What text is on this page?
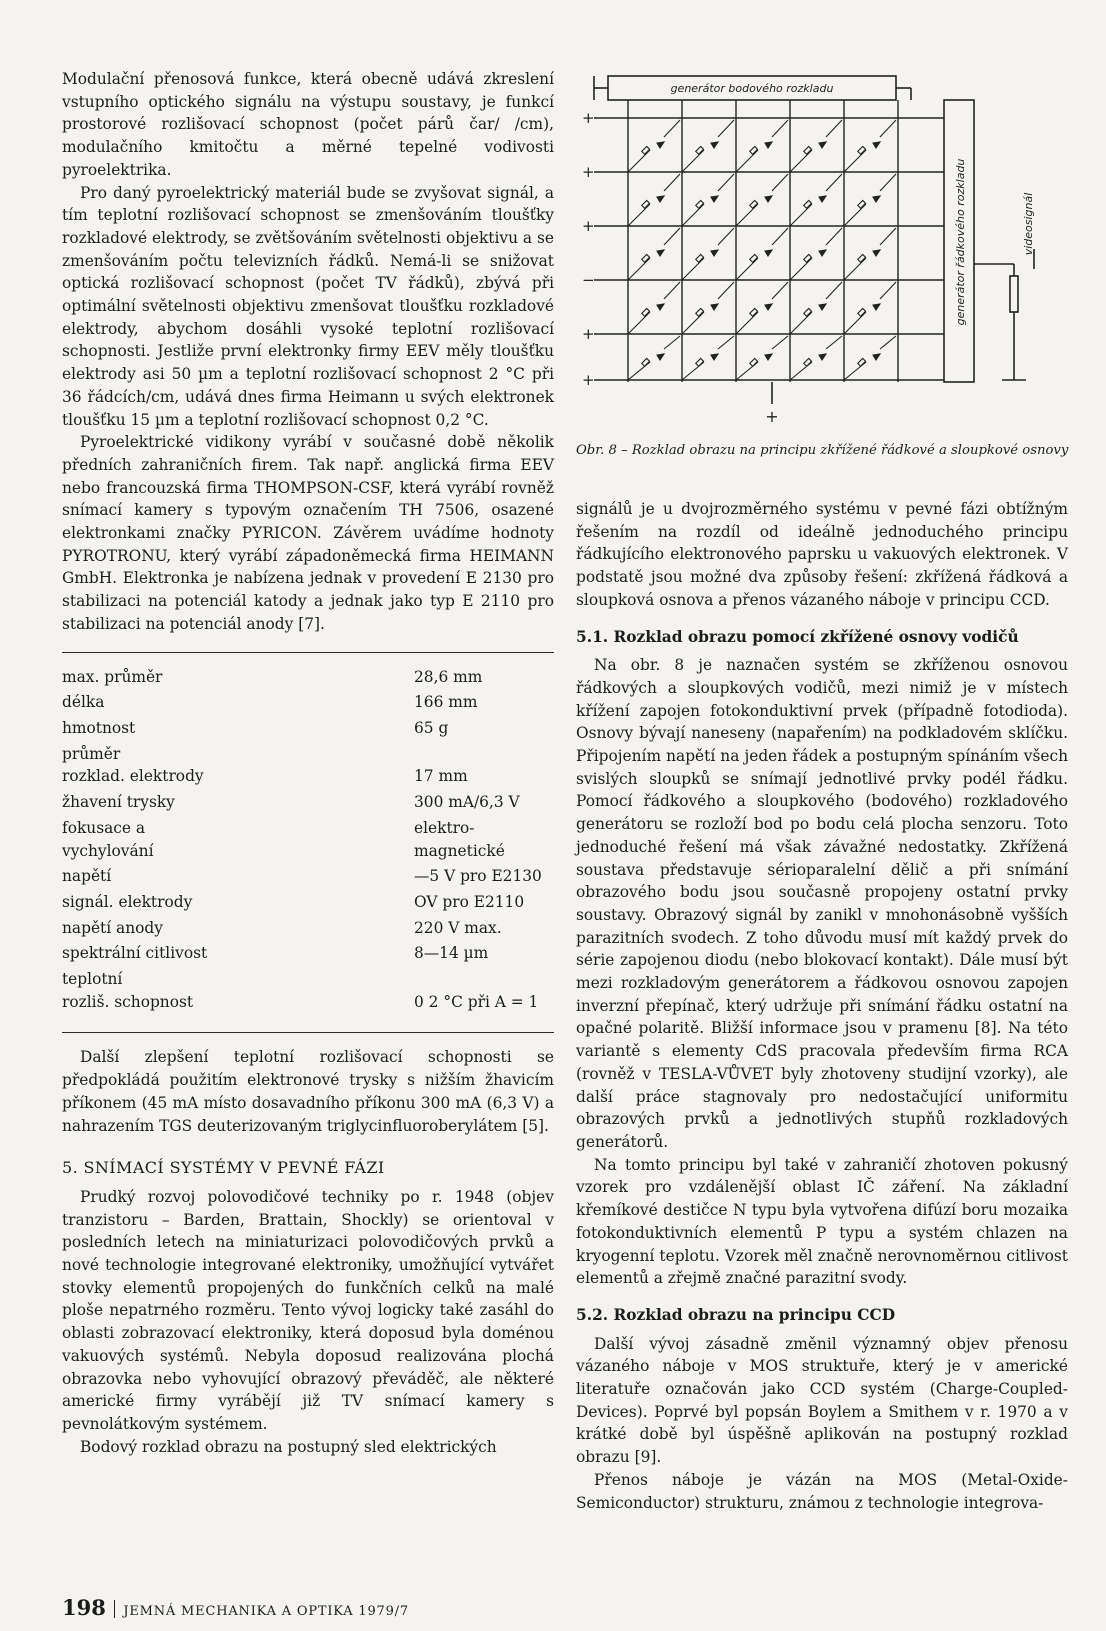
Modulační přenosová funkce, která obecně udává zkreslení vstupního optického signálu na výstupu soustavy, je funkcí prostorové rozlišovací schopnost (počet párů čar/ /cm), modulačního kmitočtu a měrné tepelné vodivosti pyroelektrika.

Pro daný pyroelektrický materiál bude se zvyšovat signál, a tím teplotní rozlišovací schopnost se zmenšováním tloušťky rozkladové elektrody, se zvětšováním světelnosti objektivu a se zmenšováním počtu televizních řádků. Nemá-li se snižovat optická rozlišovací schopnost (počet TV řádků), zbývá při optimální světelnosti objektivu zmenšovat tloušťku rozkladové elektrody, abychom dosáhli vysoké teplotní rozlišovací schopnosti. Jestliže první elektronky firmy EEV měly tloušťku elektrody asi 50 µm a teplotní rozlišovací schopnost 2 °C při 36 řádcích/cm, udává dnes firma Heimann u svých elektronek tloušťku 15 µm a teplotní rozlišovací schopnost 0,2 °C.

Pyroelektrické vidikony vyrábí v současné době několik předních zahraničních firem. Tak např. anglická firma EEV nebo francouzská firma THOMPSON-CSF, která vyrábí rovněž snímací kamery s typovým označením TH 7506, osazené elektronkami značky PYRICON. Závěrem uvádíme hodnoty PYROTRONU, který vyrábí západoněmecká firma HEIMANN GmbH. Elektronka je nabízena jednak v provedení E 2130 pro stabilizaci na potenciál katody a jednak jako typ E 2110 pro stabilizaci na potenciál anody [7].

max. průměr	28,6 mm
délka	166 mm
hmotnost	65 g
průměr
rozklad. elektrody	17 mm
žhavení trysky	300 mA/6,3 V
fokusace a
vychylování	elektro-
magnetické
napětí	—5 V pro E2130
signál. elektrody	OV pro E2110
napětí anody	220 V max.
spektrální citlivost	8—14 µm
teplotní
rozliš. schopnost	0 2 °C při A = 1

Další zlepšení teplotní rozlišovací schopnosti se předpokládá použitím elektronové trysky s nižším žhavicím příkonem (45 mA místo dosavadního příkonu 300 mA (6,3 V) a nahrazením TGS deuterizovaným triglycinfluoroberylátem [5].

5. SNÍMACÍ SYSTÉMY V PEVNÉ FÁZI

Prudký rozvoj polovodičové techniky po r. 1948 (objev tranzistoru – Barden, Brattain, Shockly) se orientoval v posledních letech na miniaturizaci polovodičových prvků a nové technologie integrované elektroniky, umožňující vytvářet stovky elementů propojených do funkčních celků na malé ploše nepatrného rozměru. Tento vývoj logicky také zasáhl do oblasti zobrazovací elektroniky, která doposud byla doménou vakuových systémů. Nebyla doposud realizována plochá obrazovka nebo vyhovující obrazový převáděč, ale některé americké firmy vyrábějí již TV snímací kamery s pevnolátkovým systémem.

Bodový rozklad obrazu na postupný sled elektrických

+
+
+
−
+
+
generátor bodového rozkladu
generátor řádkového rozkladu	videosignál
+
Obr. 8 – Rozklad obrazu na principu zkřížené řádkové a sloupkové osnovy

signálů je u dvojrozměrného systému v pevné fázi obtížným řešením na rozdíl od ideálně jednoduchého principu řádkujícího elektronového paprsku u vakuových elektronek. V podstatě jsou možné dva způsoby řešení: zkřížená řádková a sloupková osnova a přenos vázaného náboje v principu CCD.

5.1. Rozklad obrazu pomocí zkřížené osnovy vodičů

Na obr. 8 je naznačen systém se zkříženou osnovou řádkových a sloupkových vodičů, mezi nimiž je v místech křížení zapojen fotokonduktivní prvek (případně fotodioda). Osnovy bývají naneseny (napařením) na podkladovém sklíčku. Připojením napětí na jeden řádek a postupným spínáním všech svislých sloupků se snímají jednotlivé prvky podél řádku. Pomocí řádkového a sloupkového (bodového) rozkladového generátoru se rozloží bod po bodu celá plocha senzoru. Toto jednoduché řešení má však závažné nedostatky. Zkřížená soustava představuje sérioparalelní dělič a při snímání obrazového bodu jsou současně propojeny ostatní prvky soustavy. Obrazový signál by zanikl v mnohonásobně vyšších parazitních svodech. Z toho důvodu musí mít každý prvek do série zapojenou diodu (nebo blokovací kontakt). Dále musí být mezi rozkladovým generátorem a řádkovou osnovou zapojen inverzní přepínač, který udržuje při snímání řádku ostatní na opačné polaritě. Bližší informace jsou v pramenu [8]. Na této variantě s elementy CdS pracovala především firma RCA (rovněž v TESLA-VŮVET byly zhotoveny studijní vzorky), ale další práce stagnovaly pro nedostačující uniformitu obrazových prvků a jednotlivých stupňů rozkladových generátorů.

Na tomto principu byl také v zahraničí zhotoven pokusný vzorek pro vzdálenější oblast IČ záření. Na základní křemíkové destičce N typu byla vytvořena difúzí boru mozaika fotokonduktivních elementů P typu a systém chlazen na kryogenní teplotu. Vzorek měl značně nerovnoměrnou citlivost elementů a zřejmě značné parazitní svody.

5.2. Rozklad obrazu na principu CCD

Další vývoj zásadně změnil významný objev přenosu vázaného náboje v MOS struktuře, který je v americké literatuře označován jako CCD systém (Charge-Coupled-Devices). Poprvé byl popsán Boylem a Smithem v r. 1970 a v krátké době byl úspěšně aplikován na postupný rozklad obrazu [9].

Přenos náboje je vázán na MOS (Metal-Oxide-Semiconductor) strukturu, známou z technologie integrova-

198 JEMNÁ MECHANIKA A OPTIKA 1979/7
